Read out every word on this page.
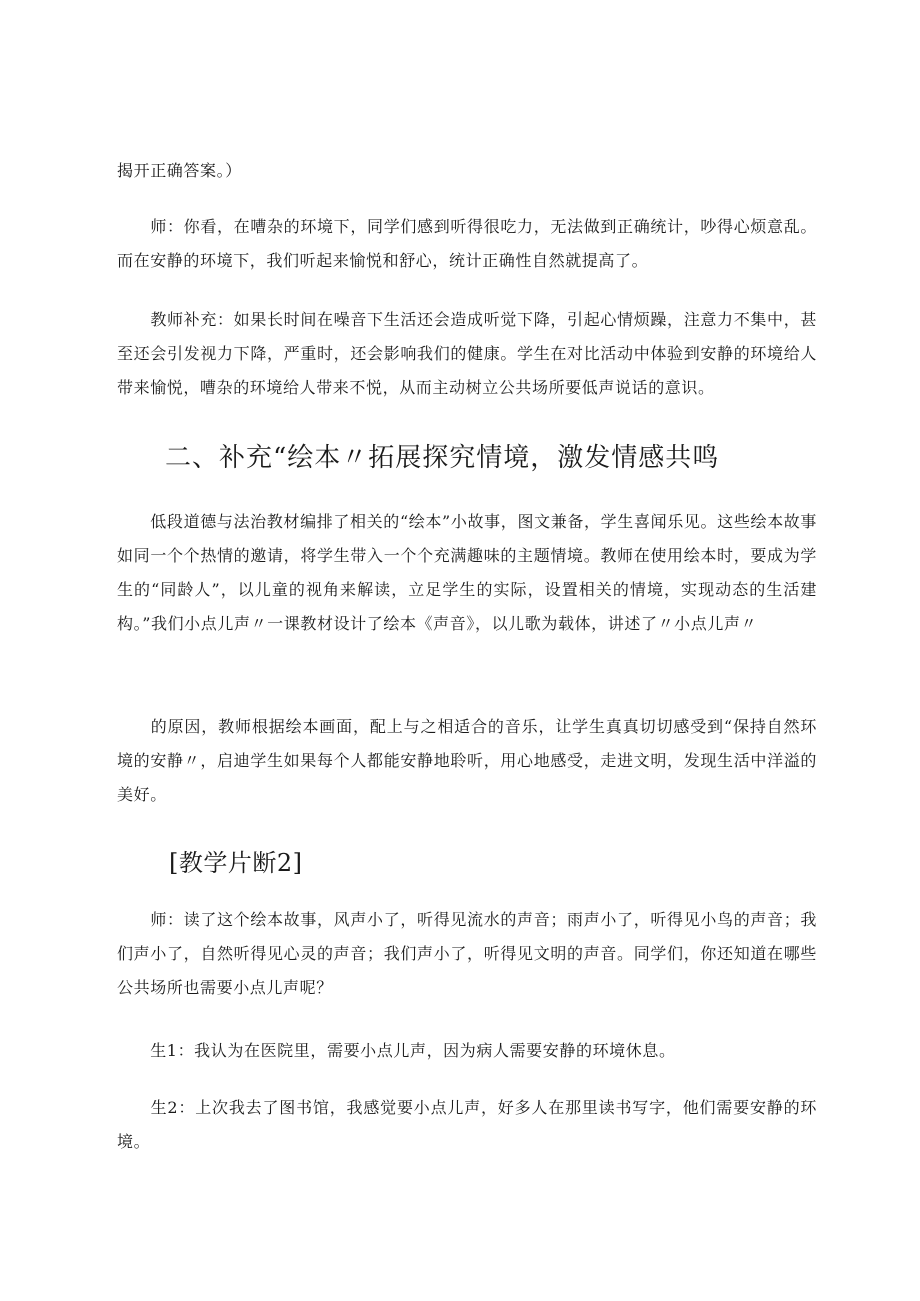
揭开正确答案。）

　　师：你看，在嘈杂的环境下，同学们感到听得很吃力，无法做到正确统计，吵得心烦意乱。而在安静的环境下，我们听起来愉悦和舒心，统计正确性自然就提高了。

　　教师补充：如果长时间在噪音下生活还会造成听觉下降，引起心情烦躁，注意力不集中，甚至还会引发视力下降，严重时，还会影响我们的健康。学生在对比活动中体验到安静的环境给人带来愉悦，嘈杂的环境给人带来不悦，从而主动树立公共场所要低声说话的意识。

二、补充“绘本〃拓展探究情境，激发情感共鸣

　　低段道德与法治教材编排了相关的“绘本”小故事，图文兼备，学生喜闻乐见。这些绘本故事如同一个个热情的邀请，将学生带入一个个充满趣味的主题情境。教师在使用绘本时，要成为学生的“同龄人”，以儿童的视角来解读，立足学生的实际，设置相关的情境，实现动态的生活建构。”我们小点儿声〃一课教材设计了绘本《声音》，以儿歌为载体，讲述了〃小点儿声〃

　　的原因，教师根据绘本画面，配上与之相适合的音乐，让学生真真切切感受到“保持自然环境的安静〃，启迪学生如果每个人都能安静地聆听，用心地感受，走进文明，发现生活中洋溢的美好。

[教学片断2]

　　师：读了这个绘本故事，风声小了，听得见流水的声音；雨声小了，听得见小鸟的声音；我们声小了，自然听得见心灵的声音；我们声小了，听得见文明的声音。同学们，你还知道在哪些公共场所也需要小点儿声呢？

　　生1：我认为在医院里，需要小点儿声，因为病人需要安静的环境休息。

　　生2：上次我去了图书馆，我感觉要小点儿声，好多人在那里读书写字，他们需要安静的环境。
